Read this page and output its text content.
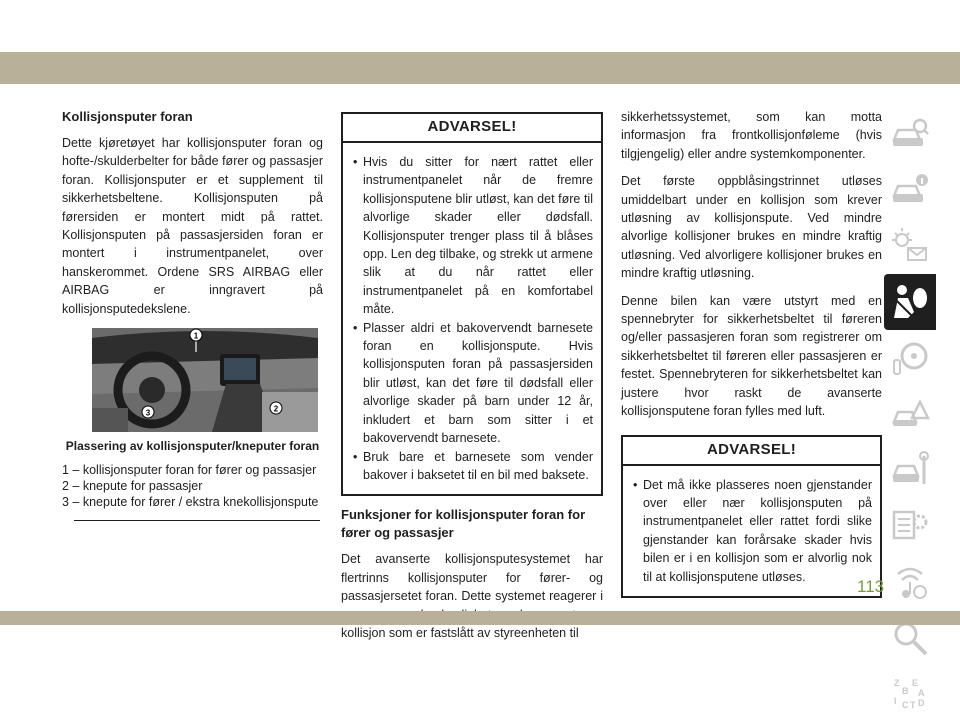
Kollisjonsputer foran

Dette kjøretøyet har kollisjonsputer foran og hofte-/skulderbelter for både fører og passasjer foran. Kollisjonsputer er et supplement til sikkerhetsbeltene. Kollisjonsputen på førersiden er montert midt på rattet. Kollisjonsputen på passasjersiden foran er montert i instrumentpanelet, over hanskerommet. Ordene SRS AIRBAG eller AIRBAG er inngravert på kollisjonsputedekslene.

1
2
3
Plassering av kollisjonsputer/kneputer foran
1 – kollisjonsputer foran for fører og passasjer
2 – knepute for passasjer
3 – knepute for fører / ekstra knekollisjonspute
ADVARSEL!
• Hvis du sitter for nært rattet eller instrumentpanelet når de fremre kollisjonsputene blir utløst, kan det føre til alvorlige skader eller dødsfall. Kollisjonsputer trenger plass til å blåses opp. Len deg tilbake, og strekk ut armene slik at du når rattet eller instrumentpanelet på en komfortabel måte.
• Plasser aldri et bakovervendt barnesete foran en kollisjonspute. Hvis kollisjonsputen foran på passasjersiden blir utløst, kan det føre til dødsfall eller alvorlige skader på barn under 12 år, inkludert et barn som sitter i et bakovervendt barnesete.
• Bruk bare et barnesete som vender bakover i baksetet til en bil med baksete.
Funksjoner for kollisjonsputer foran for fører og passasjer

Det avanserte kollisjonsputesystemet har flertrinns kollisjonsputer for fører- og passasjersetet foran. Dette systemet reagerer i kollisjon som er fastslått av styreenheten til

sikkerhetssystemet, som kan motta informasjon fra frontkollisjonføleme (hvis tilgjengelig) eller andre systemkomponenter.

Det første oppblåsingstrinnet utløses umiddelbart under en kollisjon som krever utløsning av kollisjonspute. Ved mindre alvorlige kollisjoner brukes en mindre kraftig utløsning. Ved alvorligere kollisjoner brukes en mindre kraftig utløsning.

Denne bilen kan være utstyrt med en spennebryter for sikkerhetsbeltet til føreren og/eller passasjeren foran som registrerer om sikkerhetsbeltet til føreren eller passasjeren er festet. Spennebryteren for sikkerhetsbeltet kan justere hvor raskt de avanserte kollisjonsputene foran fylles med luft.

ADVARSEL!
• Det må ikke plasseres noen gjenstander over eller nær kollisjonsputen på instrumentpanelet eller rattet fordi slike gjenstander kan forårsake skader hvis bilen er i en kollisjon som er alvorlig nok til at kollisjonsputene utløses.
Z E
B A
I C T D
113
